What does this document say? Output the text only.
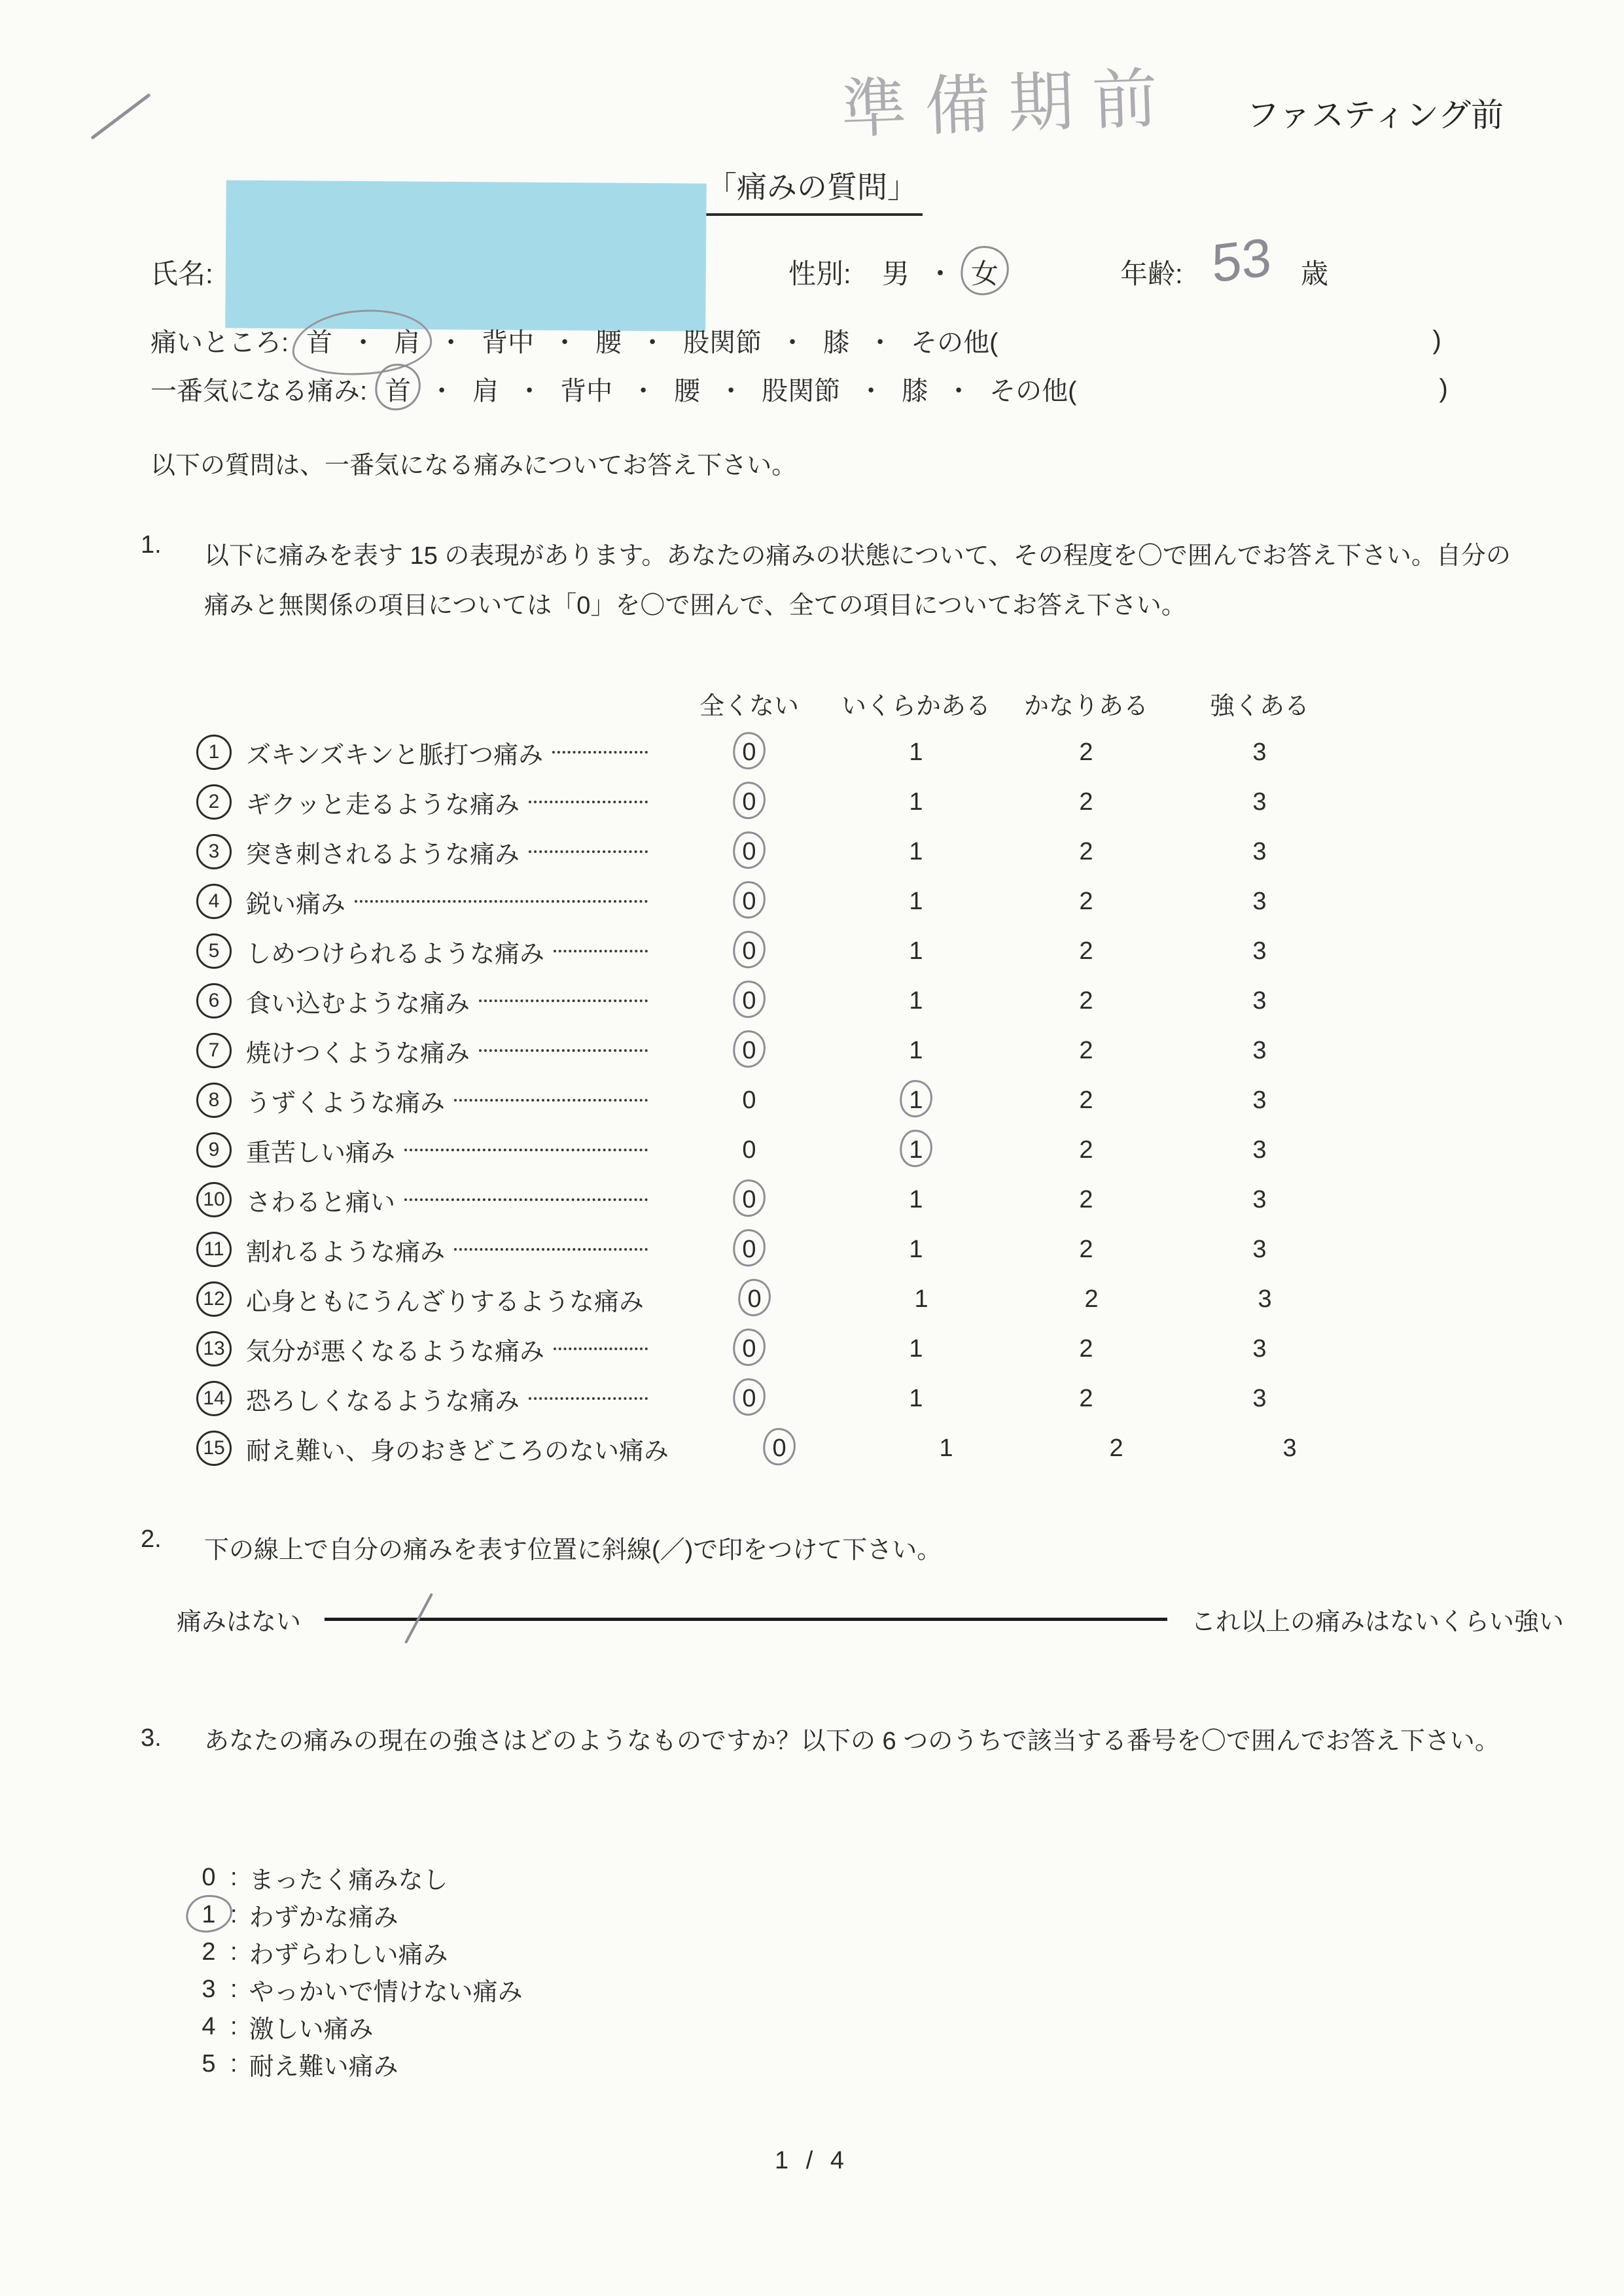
準備期前 ファスティング前
「痛みの質問」
氏名:	性別: 男 ・ 女	年齢:	歳
53
痛いところ: 首 ・ 肩 ・ 背中 ・ 腰 ・ 股関節 ・ 膝 ・ その他(	)
一番気になる痛み: 首 ・ 肩 ・ 背中 ・ 腰 ・ 股関節 ・ 膝 ・ その他(	)
以下の質問は、一番気になる痛みについてお答え下さい。
1. 以下に痛みを表す 15 の表現があります。あなたの痛みの状態について、その程度を〇で囲んでお答え下さい。自分の痛みと無関係の項目については「0」を〇で囲んで、全ての項目についてお答え下さい。
全くない	いくらかある	かなりある	強くある
1	ズキンズキンと脈打つ痛み	0	1	2	3
2	ギクッと走るような痛み	0	1	2	3
3	突き刺されるような痛み	0	1	2	3
4	鋭い痛み	0	1	2	3
5	しめつけられるような痛み	0	1	2	3
6	食い込むような痛み	0	1	2	3
7	焼けつくような痛み	0	1	2	3
8	うずくような痛み	0	1	2	3
9	重苦しい痛み	0	1	2	3
10 さわると痛い	0	1	2	3
11 割れるような痛み	0	1	2	3
12 心身ともにうんざりするような痛み	0	1	2	3
13 気分が悪くなるような痛み	0	1	2	3
14 恐ろしくなるような痛み	0	1	2	3
15 耐え難い、身のおきどころのない痛み	0	1	2	3
2. 下の線上で自分の痛みを表す位置に斜線(／)で印をつけて下さい。
痛みはない	これ以上の痛みはないくらい強い
3. あなたの痛みの現在の強さはどのようなものですか？以下の 6 つのうちで該当する番号を〇で囲んでお答え下さい。
0 : まったく痛みなし
1 : わずかな痛み
2 : わずらわしい痛み
3 : やっかいで情けない痛み
4 : 激しい痛み
5 : 耐え難い痛み
1 / 4
